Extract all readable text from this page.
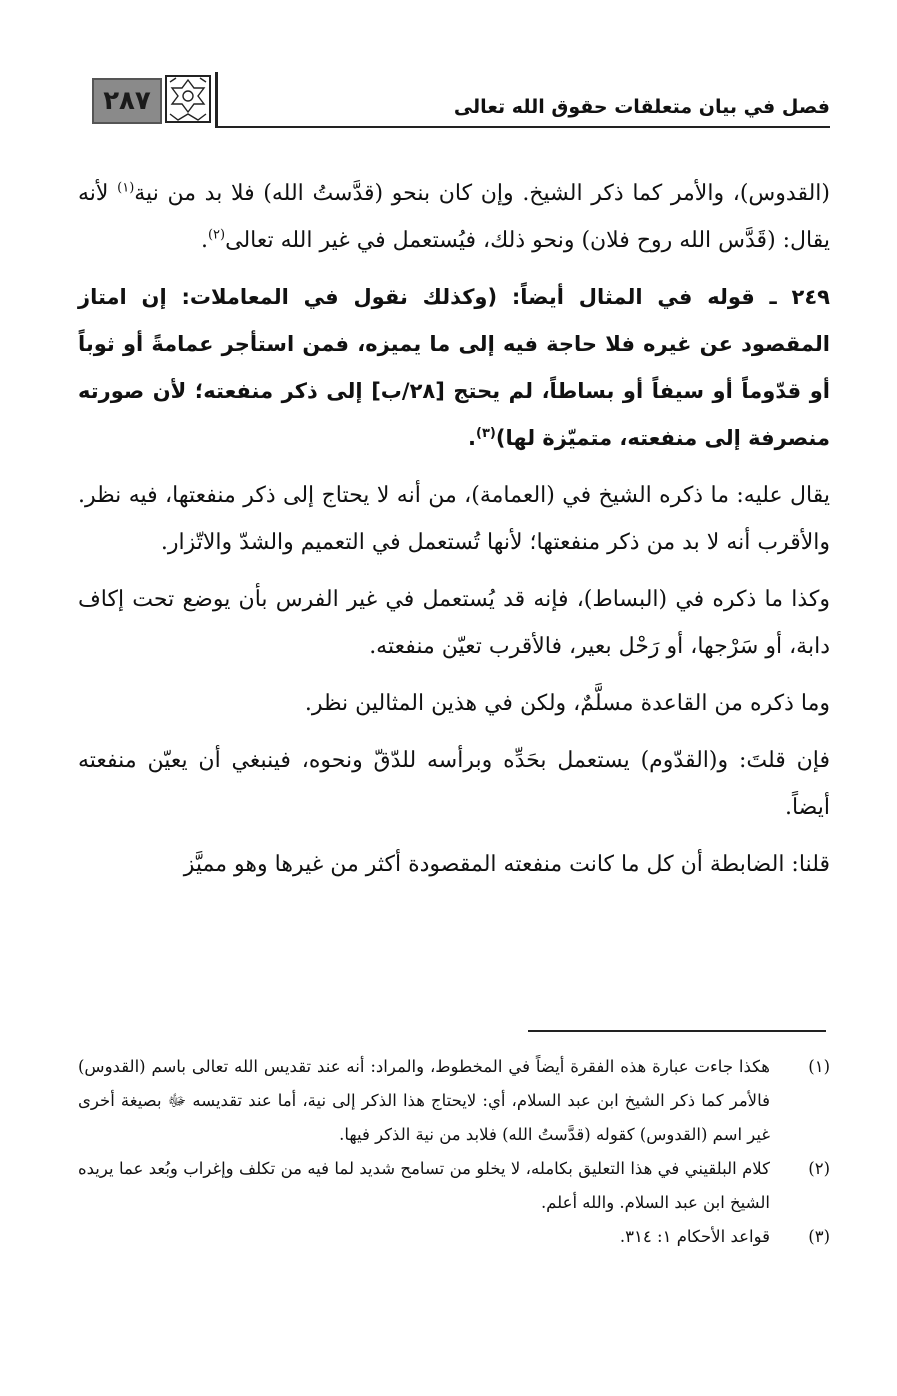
٢٨٧	فصل في بيان متعلقات حقوق الله تعالى

(القدوس)، والأمر كما ذكر الشيخ. وإن كان بنحو (قدَّستُ الله) فلا بد من نية$^{(١)}$ لأنه يقال: (قَدَّس الله روح فلان) ونحو ذلك، فيُستعمل في غير الله تعالى$^{(٢)}$.

٢٤٩ ـ قوله في المثال أيضاً: (وكذلك نقول في المعاملات: إن امتاز المقصود عن غيره فلا حاجة فيه إلى ما يميزه، فمن استأجر عمامةً أو ثوباً أو قدّوماً أو سيفاً أو بساطاً، لم يحتج [٢٨/ب] إلى ذكر منفعته؛ لأن صورته منصرفة إلى منفعته، متميّزة لها)$^{(٣)}$.

يقال عليه: ما ذكره الشيخ في (العمامة)، من أنه لا يحتاج إلى ذكر منفعتها، فيه نظر. والأقرب أنه لا بد من ذكر منفعتها؛ لأنها تُستعمل في التعميم والشدّ والاتّزار.

وكذا ما ذكره في (البساط)، فإنه قد يُستعمل في غير الفرس بأن يوضع تحت إكاف دابة، أو سَرْجها، أو رَحْل بعير، فالأقرب تعيّن منفعته.

وما ذكره من القاعدة مسلَّمٌ، ولكن في هذين المثالين نظر.

فإن قلتَ: و(القدّوم) يستعمل بحَدِّه وبرأسه للدّقّ ونحوه، فينبغي أن يعيّن منفعته أيضاً.

قلنا: الضابطة أن كل ما كانت منفعته المقصودة أكثر من غيرها وهو مميَّز

(١)
هكذا جاءت عبارة هذه الفقرة أيضاً في المخطوط، والمراد: أنه عند تقديس الله تعالى باسم (القدوس) فالأمر كما ذكر الشيخ ابن عبد السلام، أي: لايحتاج هذا الذكر إلى نية، أما عند تقديسه ﷻ بصيغة أخرى غير اسم (القدوس) كقوله (قدَّستُ الله) فلابد من نية الذكر فيها.
(٢)
كلام البلقيني في هذا التعليق بكامله، لا يخلو من تسامح شديد لما فيه من تكلف وإغراب وبُعد عما يريده الشيخ ابن عبد السلام. والله أعلم.
(٣)
قواعد الأحكام ١: ٣١٤.
